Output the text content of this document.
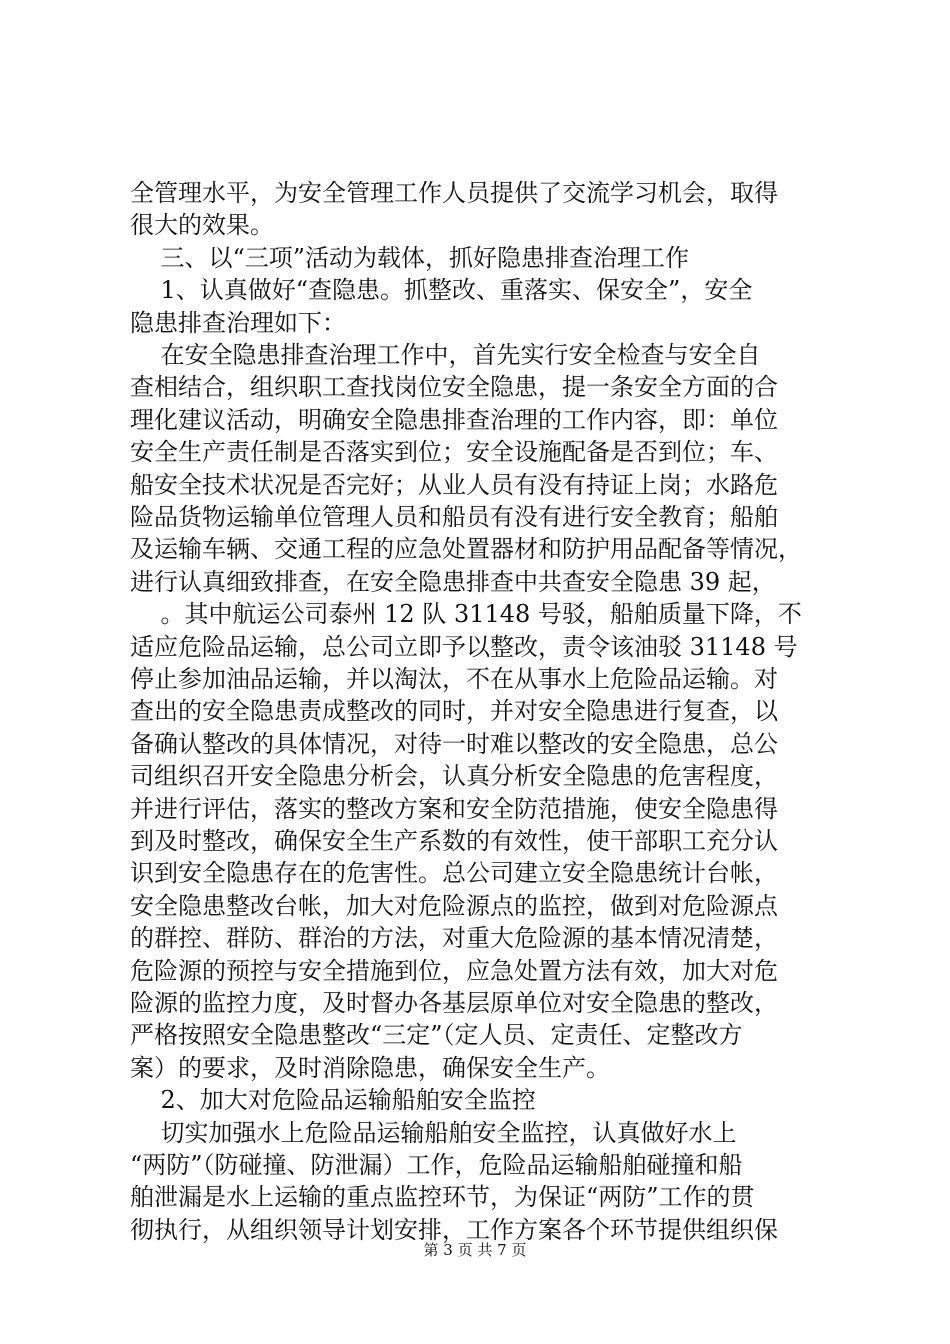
全管理水平，为安全管理工作人员提供了交流学习机会，取得
很大的效果。
三、以“三项”活动为载体，抓好隐患排查治理工作
1、认真做好“查隐患。抓整改、重落实、保安全”，安全
隐患排查治理如下：
在安全隐患排查治理工作中，首先实行安全检查与安全自
查相结合，组织职工查找岗位安全隐患，提一条安全方面的合
理化建议活动，明确安全隐患排查治理的工作内容，即：单位
安全生产责任制是否落实到位；安全设施配备是否到位；车、
船安全技术状况是否完好；从业人员有没有持证上岗；水路危
险品货物运输单位管理人员和船员有没有进行安全教育；船舶
及运输车辆、交通工程的应急处置器材和防护用品配备等情况，
进行认真细致排查，在安全隐患排查中共查安全隐患 39 起，
。其中航运公司泰州 12 队 31148 号驳，船舶质量下降，不
适应危险品运输，总公司立即予以整改，责令该油驳 31148 号
停止参加油品运输，并以淘汰，不在从事水上危险品运输。对
查出的安全隐患责成整改的同时，并对安全隐患进行复查，以
备确认整改的具体情况，对待一时难以整改的安全隐患，总公
司组织召开安全隐患分析会，认真分析安全隐患的危害程度，
并进行评估，落实的整改方案和安全防范措施，使安全隐患得
到及时整改，确保安全生产系数的有效性，使干部职工充分认
识到安全隐患存在的危害性。总公司建立安全隐患统计台帐，
安全隐患整改台帐，加大对危险源点的监控，做到对危险源点
的群控、群防、群治的方法，对重大危险源的基本情况清楚，
危险源的预控与安全措施到位，应急处置方法有效，加大对危
险源的监控力度，及时督办各基层原单位对安全隐患的整改，
严格按照安全隐患整改“三定”（定人员、定责任、定整改方
案）的要求，及时消除隐患，确保安全生产。
2、加大对危险品运输船舶安全监控
切实加强水上危险品运输船舶安全监控，认真做好水上
“两防”（防碰撞、防泄漏）工作，危险品运输船舶碰撞和船
舶泄漏是水上运输的重点监控环节，为保证“两防”工作的贯
彻执行，从组织领导计划安排，工作方案各个环节提供组织保
第 3 页 共 7 页
